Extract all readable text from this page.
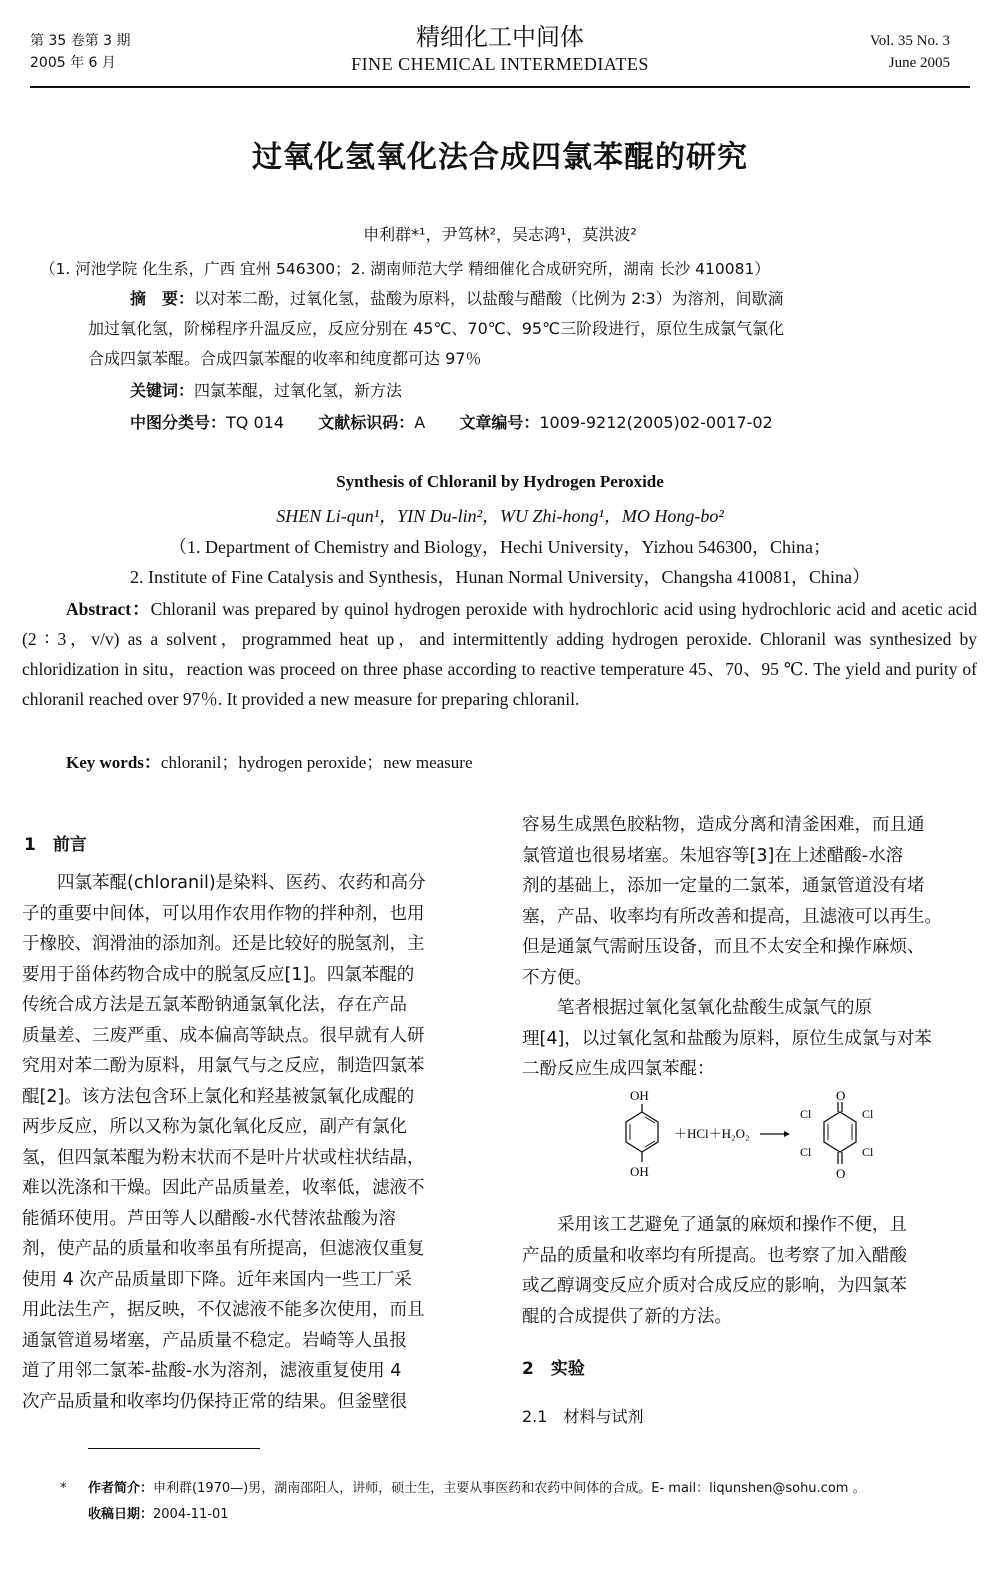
第 35 卷第 3 期
2005 年 6 月
精细化工中间体
FINE CHEMICAL INTERMEDIATES
Vol. 35 No. 3
June 2005
过氧化氢氧化法合成四氯苯醌的研究
申利群*¹，尹笃林²，吴志鸿¹，莫洪波²
（1. 河池学院 化生系，广西 宜州 546300；2. 湖南师范大学 精细催化合成研究所，湖南 长沙 410081）
摘　要：以对苯二酚，过氧化氢，盐酸为原料，以盐酸与醋酸（比例为 2∶3）为溶剂，间歇滴
加过氧化氢，阶梯程序升温反应，反应分别在 45℃、70℃、95℃三阶段进行，原位生成氯气氯化
合成四氯苯醌。合成四氯苯醌的收率和纯度都可达 97％
关键词：四氯苯醌，过氧化氢，新方法
中图分类号：TQ 014 文献标识码：A 文章编号：1009-9212(2005)02-0017-02
Synthesis of Chloranil by Hydrogen Peroxide
SHEN Li-qun¹，YIN Du-lin²，WU Zhi-hong¹，MO Hong-bo²
（1. Department of Chemistry and Biology，Hechi University，Yizhou 546300，China；
2. Institute of Fine Catalysis and Synthesis，Hunan Normal University，Changsha 410081，China）
Abstract：Chloranil was prepared by quinol hydrogen peroxide with hydrochloric acid using hydrochloric acid and acetic acid (2 ∶ 3，v/v) as a solvent，programmed heat up，and intermittently adding hydrogen peroxide. Chloranil was synthesized by chloridization in situ，reaction was proceed on three phase according to reactive temperature 45、70、95 ℃. The yield and purity of chloranil reached over 97％. It provided a new measure for preparing chloranil.
Key words：chloranil；hydrogen peroxide；new measure
1　前言
　　四氯苯醌(chloranil)是染料、医药、农药和高分
子的重要中间体，可以用作农用作物的拌种剂，也用
于橡胶、润滑油的添加剂。还是比较好的脱氢剂，主
要用于甾体药物合成中的脱氢反应[1]。四氯苯醌的
传统合成方法是五氯苯酚钠通氯氧化法，存在产品
质量差、三废严重、成本偏高等缺点。很早就有人研
究用对苯二酚为原料，用氯气与之反应，制造四氯苯
醌[2]。该方法包含环上氯化和羟基被氯氧化成醌的
两步反应，所以又称为氯化氧化反应，副产有氯化
氢，但四氯苯醌为粉末状而不是叶片状或柱状结晶，
难以洗涤和干燥。因此产品质量差，收率低，滤液不
能循环使用。芦田等人以醋酸-水代替浓盐酸为溶
剂，使产品的质量和收率虽有所提高，但滤液仅重复
使用 4 次产品质量即下降。近年来国内一些工厂采
用此法生产，据反映，不仅滤液不能多次使用，而且
通氯管道易堵塞，产品质量不稳定。岩崎等人虽报
道了用邻二氯苯-盐酸-水为溶剂，滤液重复使用 4
次产品质量和收率均仍保持正常的结果。但釜壁很
容易生成黑色胶粘物，造成分离和清釜困难，而且通
氯管道也很易堵塞。朱旭容等[3]在上述醋酸-水溶
剂的基础上，添加一定量的二氯苯，通氯管道没有堵
塞，产品、收率均有所改善和提高，且滤液可以再生。
但是通氯气需耐压设备，而且不太安全和操作麻烦、
不方便。
　　笔者根据过氧化氢氧化盐酸生成氯气的原
理[4]，以过氧化氢和盐酸为原料，原位生成氯与对苯
二酚反应生成四氯苯醌：
OH
OH
＋HCl＋H₂O₂
O
O
Cl	Cl
Cl	Cl
　　采用该工艺避免了通氯的麻烦和操作不便，且
产品的质量和收率均有所提高。也考察了加入醋酸
或乙醇调变反应介质对合成反应的影响，为四氯苯
醌的合成提供了新的方法。
2　实验
2.1　材料与试剂
* 作者简介：申利群(1970—)男，湖南邵阳人，讲师，硕士生，主要从事医药和农药中间体的合成。E- mail：liqunshen@sohu.com 。
收稿日期：2004-11-01
